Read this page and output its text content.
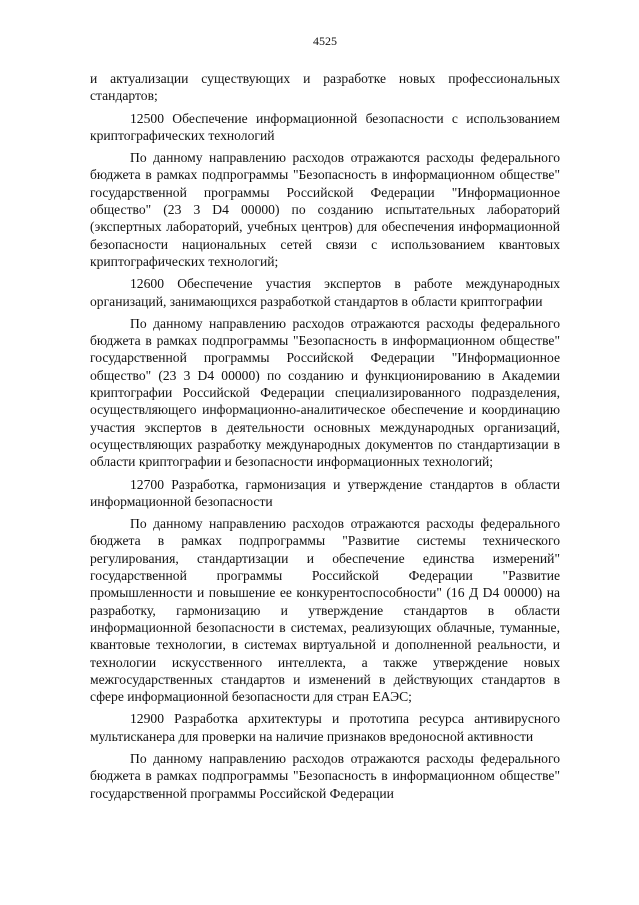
4525

и актуализации существующих и разработке новых профессиональных стандартов;

12500 Обеспечение информационной безопасности с использованием криптографических технологий

По данному направлению расходов отражаются расходы федерального бюджета в рамках подпрограммы "Безопасность в информационном обществе" государственной программы Российской Федерации "Информационное общество" (23 3 D4 00000) по созданию испытательных лабораторий (экспертных лабораторий, учебных центров) для обеспечения информационной безопасности национальных сетей связи с использованием квантовых криптографических технологий;

12600 Обеспечение участия экспертов в работе международных организаций, занимающихся разработкой стандартов в области криптографии

По данному направлению расходов отражаются расходы федерального бюджета в рамках подпрограммы "Безопасность в информационном обществе" государственной программы Российской Федерации "Информационное общество" (23 3 D4 00000) по созданию и функционированию в Академии криптографии Российской Федерации специализированного подразделения, осуществляющего информационно-аналитическое обеспечение и координацию участия экспертов в деятельности основных международных организаций, осуществляющих разработку международных документов по стандартизации в области криптографии и безопасности информационных технологий;

12700 Разработка, гармонизация и утверждение стандартов в области информационной безопасности

По данному направлению расходов отражаются расходы федерального бюджета в рамках подпрограммы "Развитие системы технического регулирования, стандартизации и обеспечение единства измерений" государственной программы Российской Федерации "Развитие промышленности и повышение ее конкурентоспособности" (16 Д D4 00000) на разработку, гармонизацию и утверждение стандартов в области информационной безопасности в системах, реализующих облачные, туманные, квантовые технологии, в системах виртуальной и дополненной реальности, и технологии искусственного интеллекта, а также утверждение новых межгосударственных стандартов и изменений в действующих стандартов в сфере информационной безопасности для стран ЕАЭС;

12900 Разработка архитектуры и прототипа ресурса антивирусного мультисканера для проверки на наличие признаков вредоносной активности

По данному направлению расходов отражаются расходы федерального бюджета в рамках подпрограммы "Безопасность в информационном обществе" государственной программы Российской Федерации
